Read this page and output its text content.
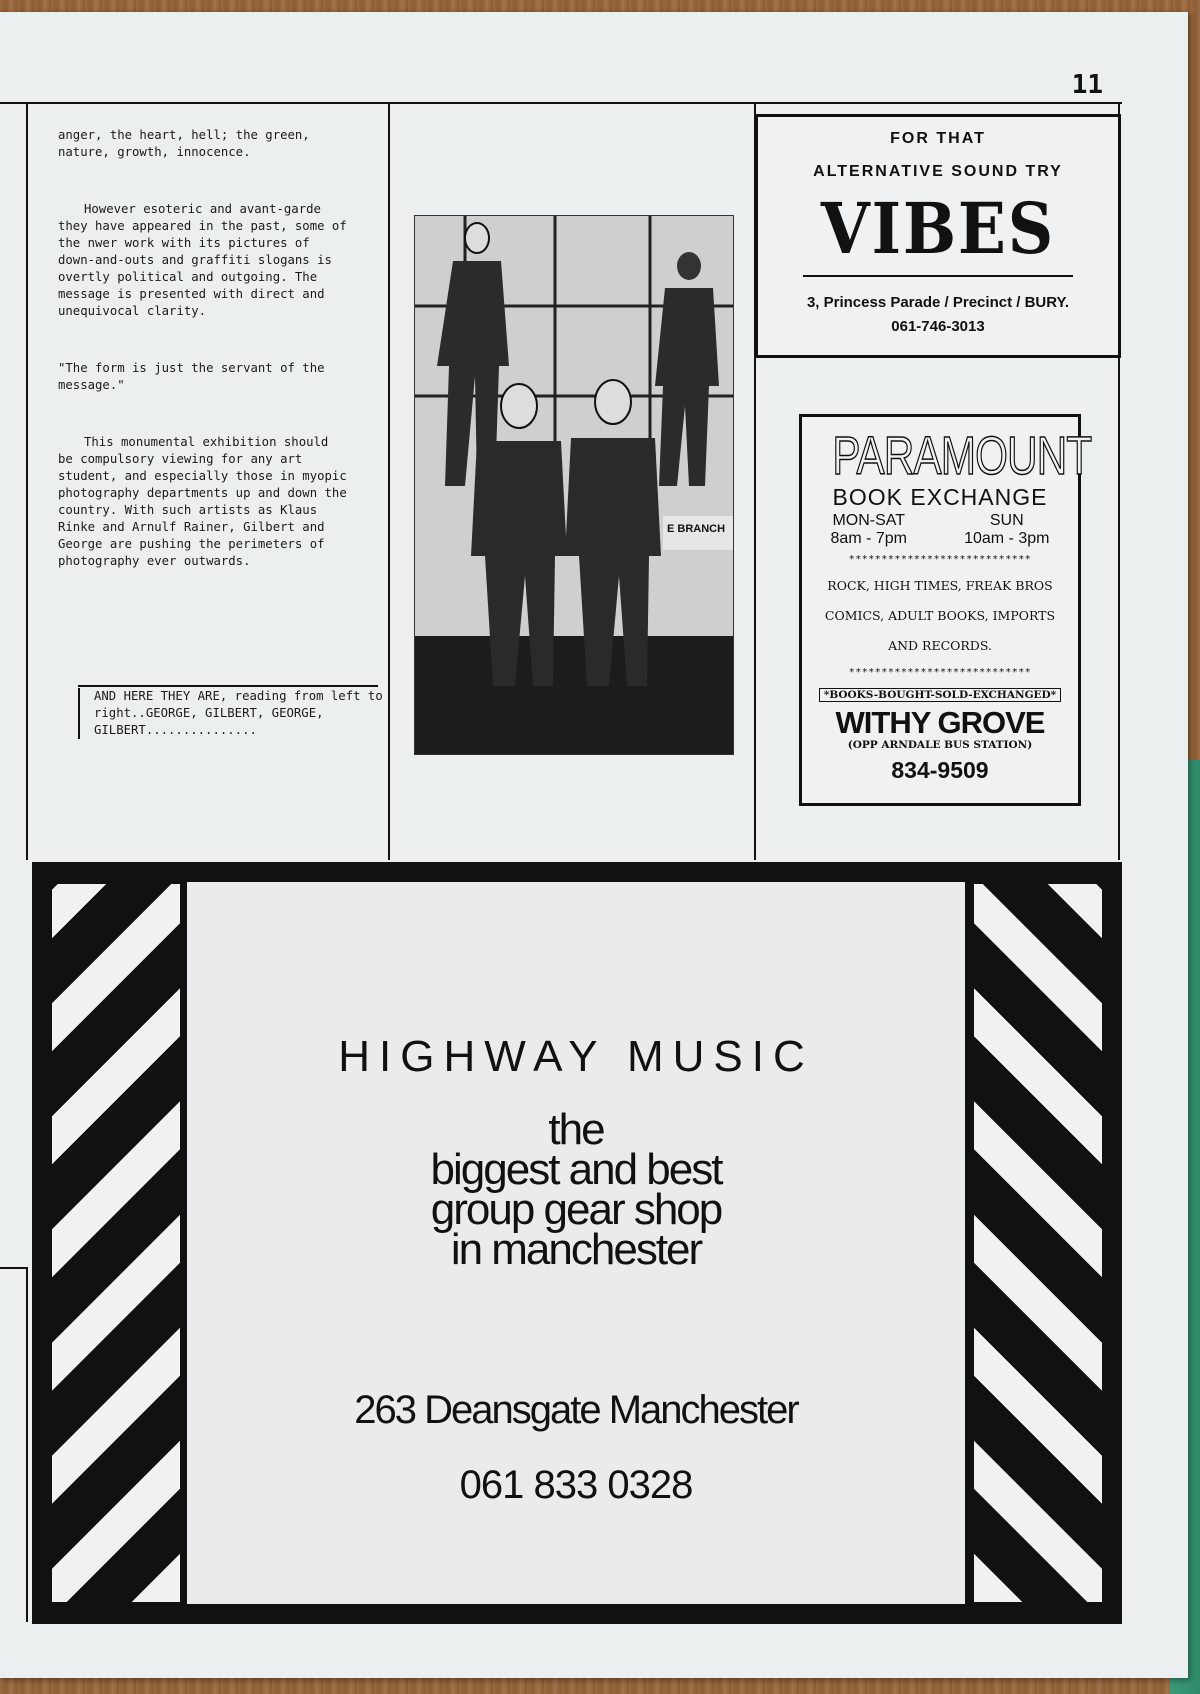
11

anger, the heart, hell; the green, nature, growth, innocence.

However esoteric and avant-garde they have appeared in the past, some of the nwer work with its pictures of down-and-outs and graffiti slogans is overtly political and outgoing. The message is presented with direct and unequivocal clarity.

"The form is just the servant of the message."

This monumental exhibition should be compulsory viewing for any art student, and especially those in myopic photography departments up and down the country. With such artists as Klaus Rinke and Arnulf Rainer, Gilbert and George are pushing the perimeters of photography ever outwards.

AND HERE THEY ARE, reading from left to right..GEORGE, GILBERT, GEORGE, GILBERT...............
E BRANCH
FOR THAT
ALTERNATIVE SOUND TRY
VIBES
3, Princess Parade / Precinct / BURY.
061-746-3013
PARAMOUNT
BOOK EXCHANGE
MON-SAT
8am - 7pm
SUN
10am - 3pm
****************************
ROCK, HIGH TIMES, FREAK BROS
COMICS, ADULT BOOKS, IMPORTS
AND RECORDS.
****************************
*BOOKS-BOUGHT-SOLD-EXCHANGED*
WITHY GROVE
(OPP ARNDALE BUS STATION)
834-9509
HIGHWAY MUSIC
the
biggest and best
group gear shop
in manchester
263 Deansgate Manchester
061 833 0328
